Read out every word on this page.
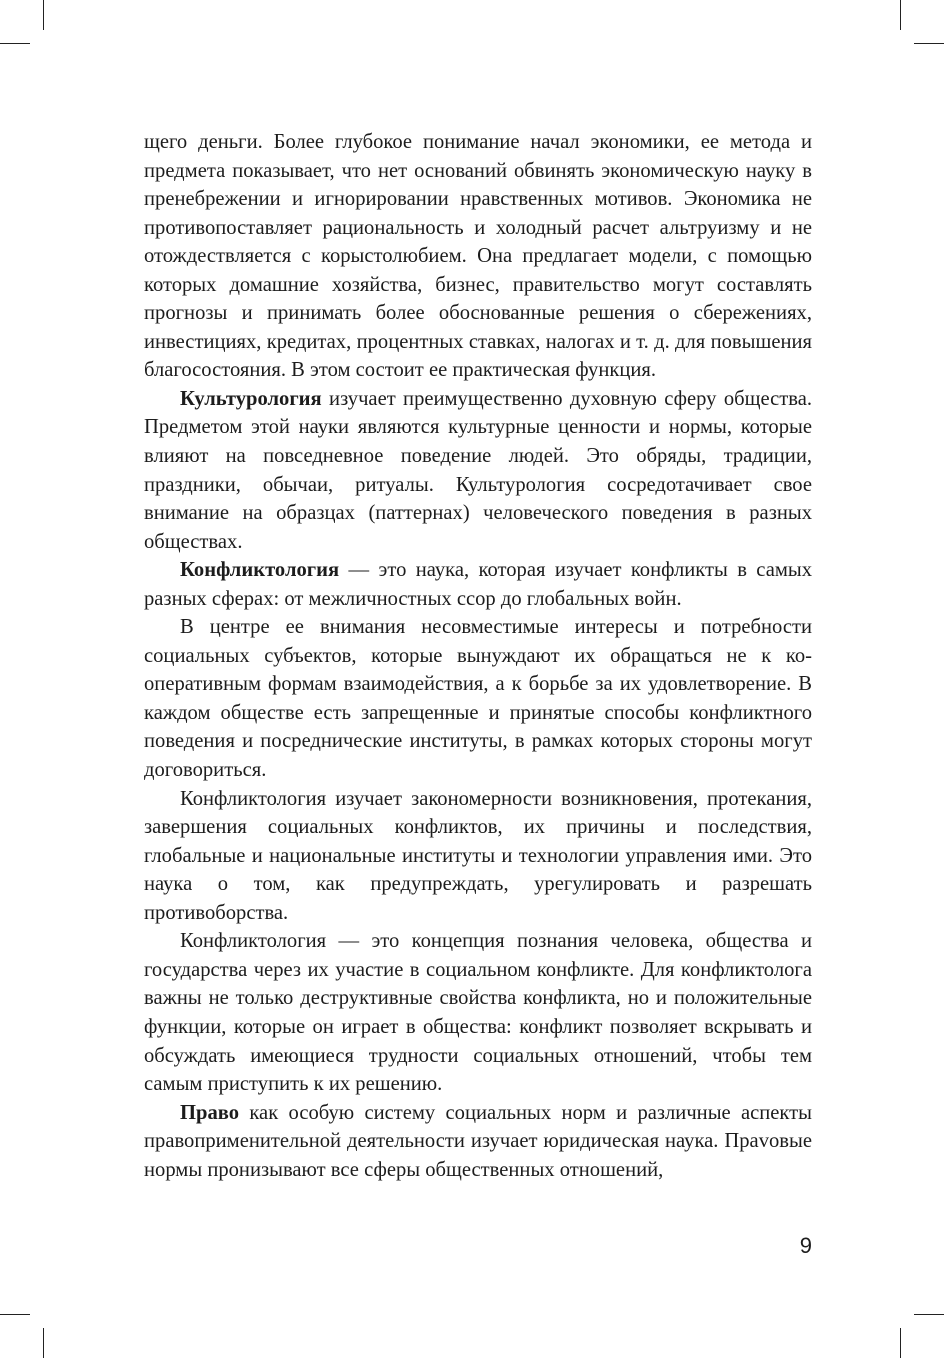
щего деньги. Более глубокое понимание начал экономики, ее метода и предмета показывает, что нет оснований обвинять экономическую науку в пренебрежении и игнорировании нравственных мотивов. Экономика не противопоставляет рациональность и холодный расчет альтруизму и не отождествляется с корыстолюбием. Она предлагает модели, с помощью которых домашние хозяйства, бизнес, правительство могут составлять прогнозы и принимать более обоснованные решения о сбережениях, инвестициях, кредитах, процентных ставках, налогах и т. д. для повышения благосостояния. В этом состоит ее практическая функция.

Культурология изучает преимущественно духовную сферу общества. Предметом этой науки являются культурные ценности и нормы, которые влияют на повседневное поведение людей. Это обряды, традиции, праздники, обычаи, ритуалы. Культурология сосредотачивает свое внимание на образцах (паттернах) человеческого поведения в разных обществах.

Конфликтология — это наука, которая изучает конфликты в самых разных сферах: от межличностных ссор до глобальных войн.

В центре ее внимания несовместимые интересы и потребности социальных субъектов, которые вынуждают их обращаться не к кооперативным формам взаимодействия, а к борьбе за их удовлетворение. В каждом обществе есть запрещенные и принятые способы конфликтного поведения и посреднические институты, в рамках которых стороны могут договориться.

Конфликтология изучает закономерности возникновения, протекания, завершения социальных конфликтов, их причины и последствия, глобальные и национальные институты и технологии управления ими. Это наука о том, как предупреждать, урегулировать и разрешать противоборства.

Конфликтология — это концепция познания человека, общества и государства через их участие в социальном конфликте. Для конфликтолога важны не только деструктивные свойства конфликта, но и положительные функции, которые он играет в общества: конфликт позволяет вскрывать и обсуждать имеющиеся трудности социальных отношений, чтобы тем самым приступить к их решению.

Право как особую систему социальных норм и различные аспекты правоприменительной деятельности изучает юридическая наука. Праvовые нормы пронизывают все сферы общественных отношений,

9
